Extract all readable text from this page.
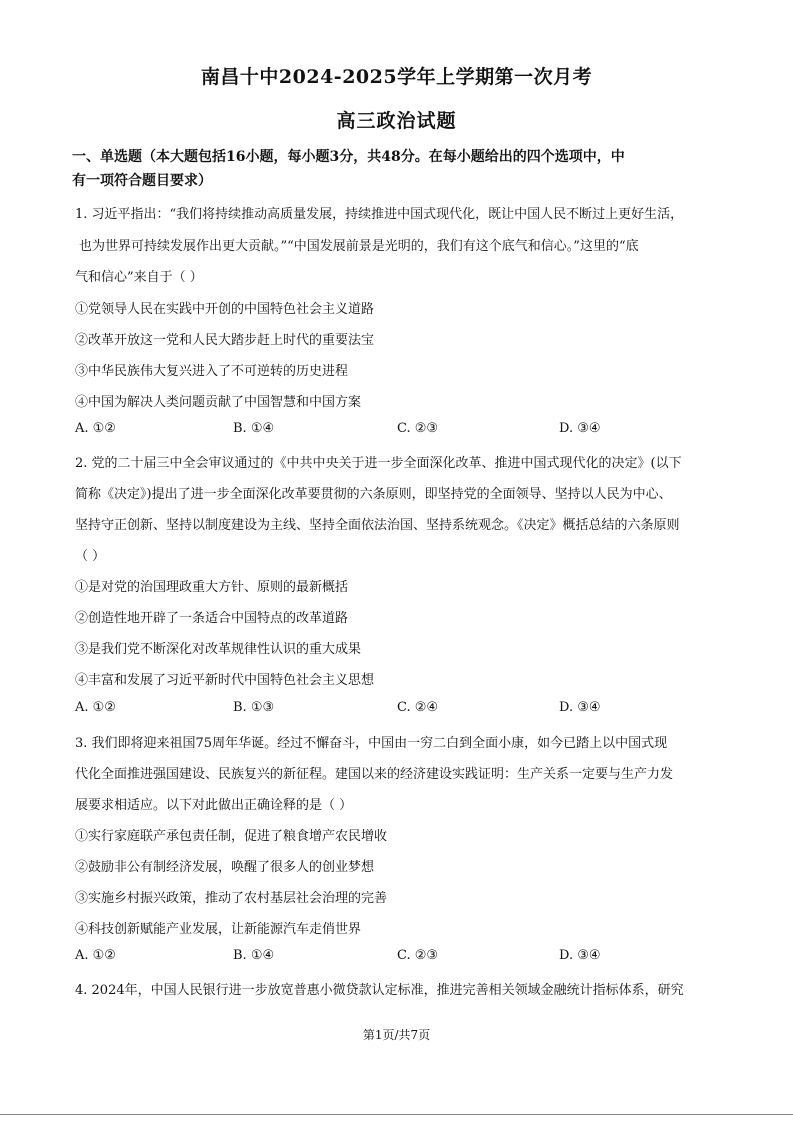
南昌十中2024-2025学年上学期第一次月考
高三政治试题
一、单选题（本大题包括16小题，每小题3分，共48分。在每小题给出的四个选项中，中
有一项符合题目要求）
1. 习近平指出：“我们将持续推动高质量发展，持续推进中国式现代化，既让中国人民不断过上更好生活，
也为世界可持续发展作出更大贡献。”“中国发展前景是光明的，我们有这个底气和信心。”这里的“底
气和信心”来自于（ ）
①党领导人民在实践中开创的中国特色社会主义道路
②改革开放这一党和人民大踏步赶上时代的重要法宝
③中华民族伟大复兴进入了不可逆转的历史进程
④中国为解决人类问题贡献了中国智慧和中国方案
A. ①②	B. ①④	C. ②③	D. ③④
2. 党的二十届三中全会审议通过的《中共中央关于进一步全面深化改革、推进中国式现代化的决定》(以下
简称《决定》)提出了进一步全面深化改革要贯彻的六条原则，即坚持党的全面领导、坚持以人民为中心、
坚持守正创新、坚持以制度建设为主线、坚持全面依法治国、坚持系统观念。《决定》概括总结的六条原则
（ ）
①是对党的治国理政重大方针、原则的最新概括
②创造性地开辟了一条适合中国特点的改革道路
③是我们党不断深化对改革规律性认识的重大成果
④丰富和发展了习近平新时代中国特色社会主义思想
A. ①②	B. ①③	C. ②④	D. ③④
3. 我们即将迎来祖国75周年华诞。经过不懈奋斗，中国由一穷二白到全面小康，如今已踏上以中国式现
代化全面推进强国建设、民族复兴的新征程。建国以来的经济建设实践证明：生产关系一定要与生产力发
展要求相适应。以下对此做出正确诠释的是（ ）
①实行家庭联产承包责任制，促进了粮食增产农民增收
②鼓励非公有制经济发展，唤醒了很多人的创业梦想
③实施乡村振兴政策，推动了农村基层社会治理的完善
④科技创新赋能产业发展，让新能源汽车走俏世界
A. ①②	B. ①④	C. ②③	D. ③④
4. 2024年，中国人民银行进一步放宽普惠小微贷款认定标准，推进完善相关领域金融统计指标体系，研究
第1页/共7页
